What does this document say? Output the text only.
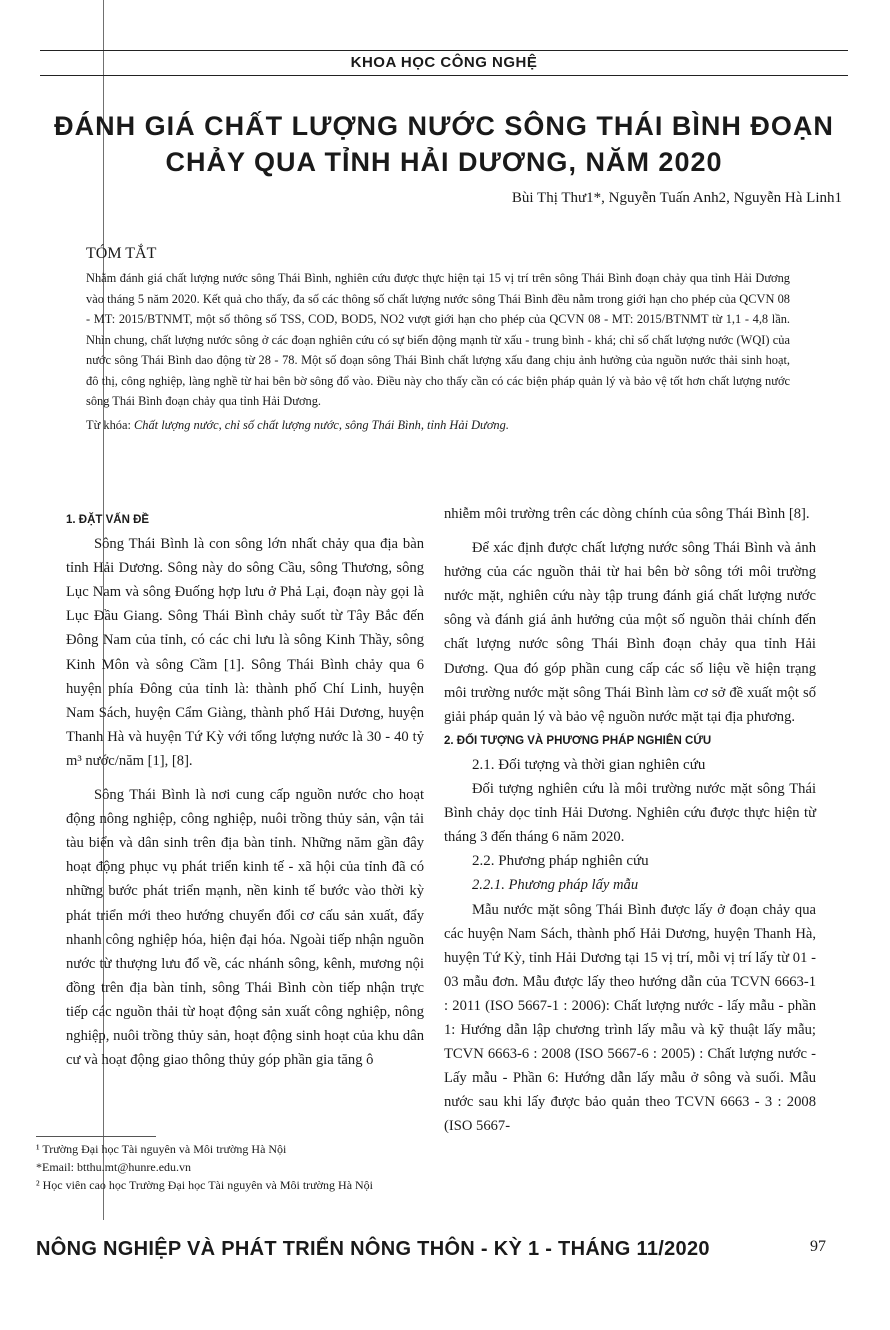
KHOA HỌC CÔNG NGHỆ
ĐÁNH GIÁ CHẤT LƯỢNG NƯỚC SÔNG THÁI BÌNH ĐOẠN
CHẢY QUA TỈNH HẢI DƯƠNG, NĂM 2020
Bùi Thị Thư1*, Nguyễn Tuấn Anh2, Nguyễn Hà Linh1
TÓM TẮT
Nhằm đánh giá chất lượng nước sông Thái Bình, nghiên cứu được thực hiện tại 15 vị trí trên sông Thái Bình đoạn chảy qua tỉnh Hải Dương vào tháng 5 năm 2020. Kết quả cho thấy, đa số các thông số chất lượng nước sông Thái Bình đều nằm trong giới hạn cho phép của QCVN 08 - MT: 2015/BTNMT, một số thông số TSS, COD, BOD5, NO2 vượt giới hạn cho phép của QCVN 08 - MT: 2015/BTNMT từ 1,1 - 4,8 lần. Nhìn chung, chất lượng nước sông ở các đoạn nghiên cứu có sự biến động mạnh từ xấu - trung bình - khá; chỉ số chất lượng nước (WQI) của nước sông Thái Bình dao động từ 28 - 78. Một số đoạn sông Thái Bình chất lượng xấu đang chịu ảnh hưởng của nguồn nước thải sinh hoạt, đô thị, công nghiệp, làng nghề từ hai bên bờ sông đổ vào. Điều này cho thấy cần có các biện pháp quản lý và bảo vệ tốt hơn chất lượng nước sông Thái Bình đoạn chảy qua tỉnh Hải Dương.
Từ khóa: Chất lượng nước, chỉ số chất lượng nước, sông Thái Bình, tỉnh Hải Dương.

1. ĐẶT VẤN ĐỀ

Sông Thái Bình là con sông lớn nhất chảy qua địa bàn tỉnh Hải Dương. Sông này do sông Cầu, sông Thương, sông Lục Nam và sông Đuống hợp lưu ở Phả Lại, đoạn này gọi là Lục Đầu Giang. Sông Thái Bình chảy suốt từ Tây Bắc đến Đông Nam của tỉnh, có các chi lưu là sông Kinh Thầy, sông Kinh Môn và sông Cầm [1]. Sông Thái Bình chảy qua 6 huyện phía Đông của tỉnh là: thành phố Chí Linh, huyện Nam Sách, huyện Cẩm Giàng, thành phố Hải Dương, huyện Thanh Hà và huyện Tứ Kỳ với tổng lượng nước là 30 - 40 tỷ m³ nước/năm [1], [8].

Sông Thái Bình là nơi cung cấp nguồn nước cho hoạt động nông nghiệp, công nghiệp, nuôi trồng thủy sản, vận tải tàu biển và dân sinh trên địa bàn tỉnh. Những năm gần đây hoạt động phục vụ phát triển kinh tế - xã hội của tỉnh đã có những bước phát triển mạnh, nền kinh tế bước vào thời kỳ phát triển mới theo hướng chuyển đổi cơ cấu sản xuất, đẩy nhanh công nghiệp hóa, hiện đại hóa. Ngoài tiếp nhận nguồn nước từ thượng lưu đổ về, các nhánh sông, kênh, mương nội đồng trên địa bàn tỉnh, sông Thái Bình còn tiếp nhận trực tiếp các nguồn thải từ hoạt động sản xuất công nghiệp, nông nghiệp, nuôi trồng thủy sản, hoạt động sinh hoạt của khu dân cư và hoạt động giao thông thủy góp phần gia tăng ô

nhiễm môi trường trên các dòng chính của sông Thái Bình [8].

Để xác định được chất lượng nước sông Thái Bình và ảnh hưởng của các nguồn thải từ hai bên bờ sông tới môi trường nước mặt, nghiên cứu này tập trung đánh giá chất lượng nước sông và đánh giá ảnh hưởng của một số nguồn thải chính đến chất lượng nước sông Thái Bình đoạn chảy qua tỉnh Hải Dương. Qua đó góp phần cung cấp các số liệu về hiện trạng môi trường nước mặt sông Thái Bình làm cơ sở đề xuất một số giải pháp quản lý và bảo vệ nguồn nước mặt tại địa phương.

2. ĐỐI TƯỢNG VÀ PHƯƠNG PHÁP NGHIÊN CỨU

2.1. Đối tượng và thời gian nghiên cứu

Đối tượng nghiên cứu là môi trường nước mặt sông Thái Bình chảy dọc tỉnh Hải Dương. Nghiên cứu được thực hiện từ tháng 3 đến tháng 6 năm 2020.

2.2. Phương pháp nghiên cứu

2.2.1. Phương pháp lấy mẫu

Mẫu nước mặt sông Thái Bình được lấy ở đoạn chảy qua các huyện Nam Sách, thành phố Hải Dương, huyện Thanh Hà, huyện Tứ Kỳ, tỉnh Hải Dương tại 15 vị trí, mỗi vị trí lấy từ 01 - 03 mẫu đơn. Mẫu được lấy theo hướng dẫn của TCVN 6663-1 : 2011 (ISO 5667-1 : 2006): Chất lượng nước - lấy mẫu - phần 1: Hướng dẫn lập chương trình lấy mẫu và kỹ thuật lấy mẫu; TCVN 6663-6 : 2008 (ISO 5667-6 : 2005) : Chất lượng nước - Lấy mẫu - Phần 6: Hướng dẫn lấy mẫu ở sông và suối. Mẫu nước sau khi lấy được bảo quản theo TCVN 6663 - 3 : 2008 (ISO 5667-

¹ Trường Đại học Tài nguyên và Môi trường Hà Nội
*Email: btthu.mt@hunre.edu.vn
² Học viên cao học Trường Đại học Tài nguyên và Môi trường Hà Nội
NÔNG NGHIỆP VÀ PHÁT TRIỂN NÔNG THÔN - KỲ 1 - THÁNG 11/2020	97
